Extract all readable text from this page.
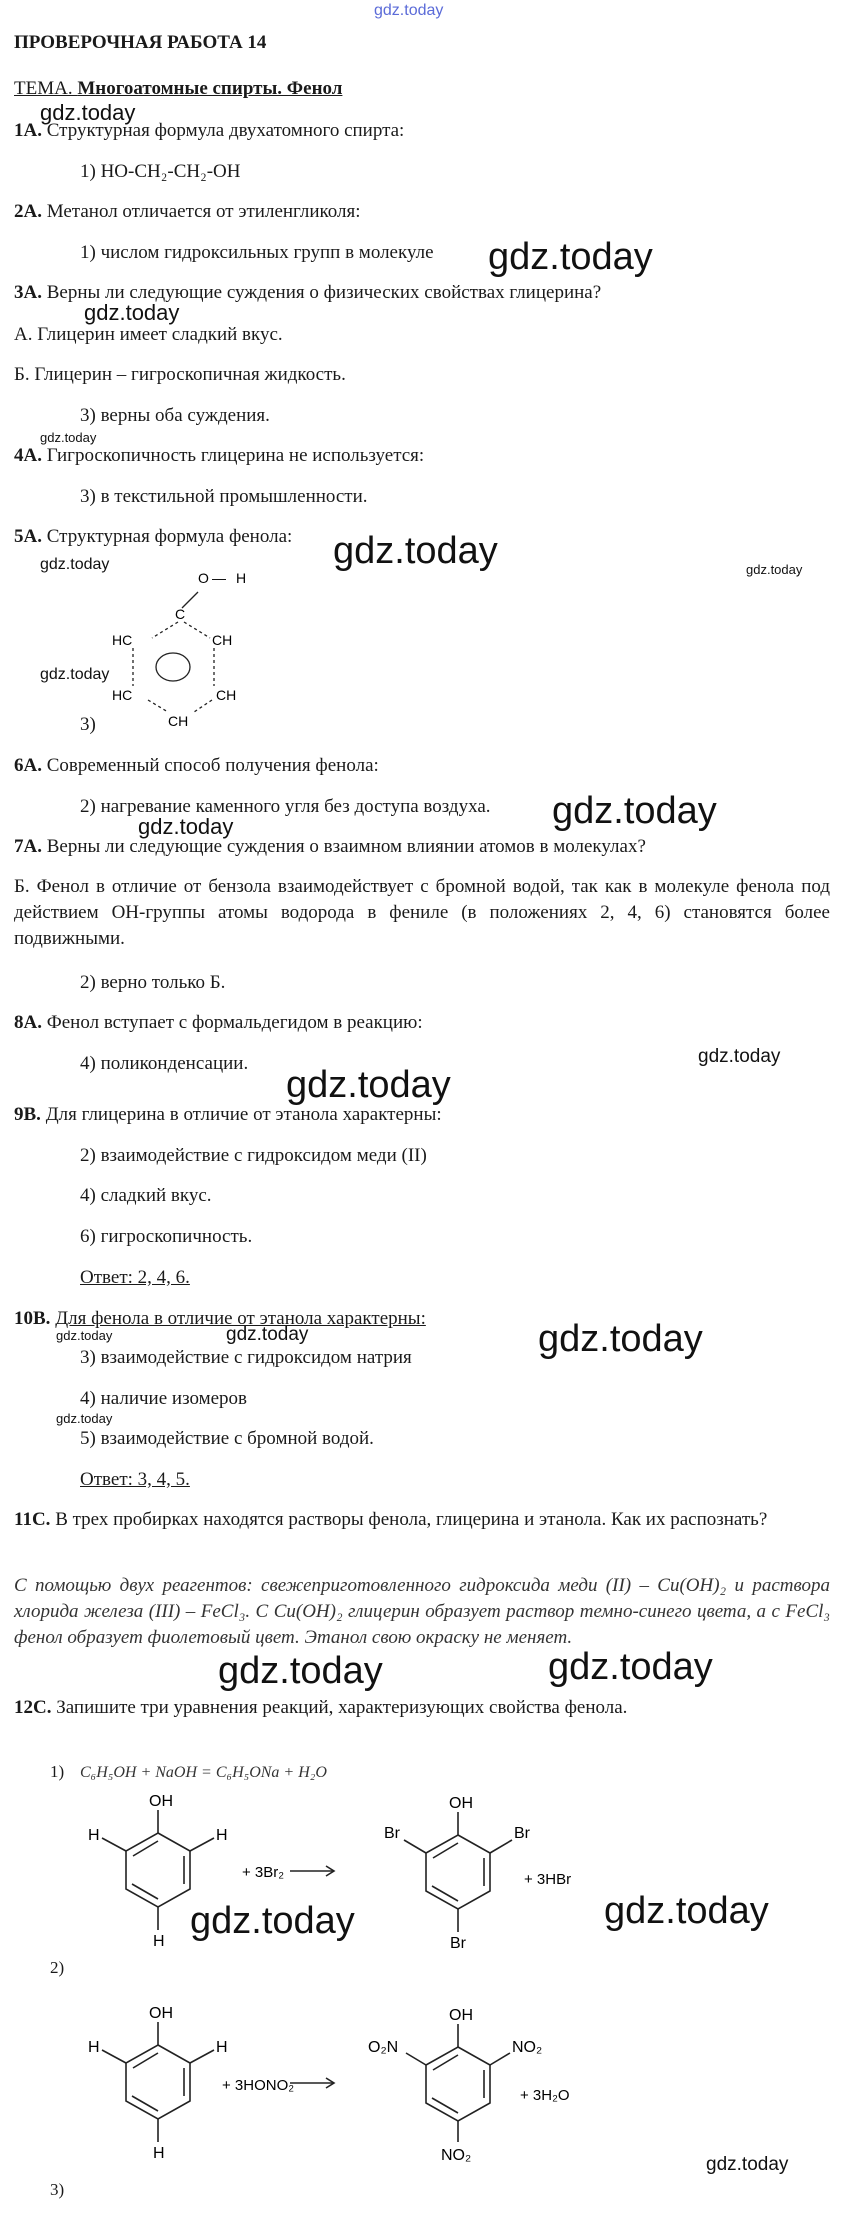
gdz.today
ПРОВЕРОЧНАЯ РАБОТА 14
ТЕМА. Многоатомные спирты. Фенол
gdz.today
1А. Структурная формула двухатомного спирта:
1) НО-СН₂-СН₂-ОН
2А. Метанол отличается от этиленгликоля:
1) числом гидроксильных групп в молекуле gdz.today
3А. Верны ли следующие суждения о физических свойствах глицерина?
gdz.today
А. Глицерин имеет сладкий вкус.
Б. Глицерин – гигроскопичная жидкость.
3) верны оба суждения.
gdz.today
4А. Гигроскопичность глицерина не используется:
3) в текстильной промышленности.
5А. Структурная формула фенола: gdz.today	gdz.today
gdz.today
gdz.today
O — H
C
HC	CH
HC	CH
CH
3)
6А. Современный способ получения фенола:
2) нагревание каменного угля без доступа воздуха. gdz.today
gdz.today
7А. Верны ли следующие суждения о взаимном влиянии атомов в молекулах?
Б. Фенол в отличие от бензола взаимодействует с бромной водой, так как в молекуле фенола под действием ОН-группы атомы водорода в фениле (в положениях 2, 4, 6) становятся более подвижными.
2) верно только Б.
8А. Фенол вступает с формальдегидом в реакцию:
4) поликонденсации.	gdz.today
gdz.today
9В. Для глицерина в отличие от этанола характерны:
2) взаимодействие с гидроксидом меди (II)
4) сладкий вкус.
6) гигроскопичность.
Ответ: 2, 4, 6.
10В. Для фенола в отличие от этанола характерны:
gdz.today	gdz.today	gdz.today
3) взаимодействие с гидроксидом натрия
4) наличие изомеров
gdz.today
5) взаимодействие с бромной водой.
Ответ: 3, 4, 5.
11С. В трех пробирках находятся растворы фенола, глицерина и этанола. Как их распознать?
С помощью двух реагентов: свежеприготовленного гидроксида меди (II) – Cu(OH)₂ и раствора хлорида железа (III) – FeCl₃. С Cu(OH)₂ глицерин образует раствор темно-синего цвета, а с FeCl₃ фенол образует фиолетовый цвет. Этанол свою окраску не меняет.
gdz.today	gdz.today
12С. Запишите три уравнения реакций, характеризующих свойства фенола.
1) C₆H₅OH + NaOH = C₆H₅ONa + H₂O
OH
H	H
H
+ 3Br₂
OH
Br	Br
Br
+ 3HBr
OH
H	H
H
+ 3HONO₂
OH
O₂N	NO₂
NO₂
+ 3H₂O
2)
3)
gdz.today	gdz.today
gdz.today
